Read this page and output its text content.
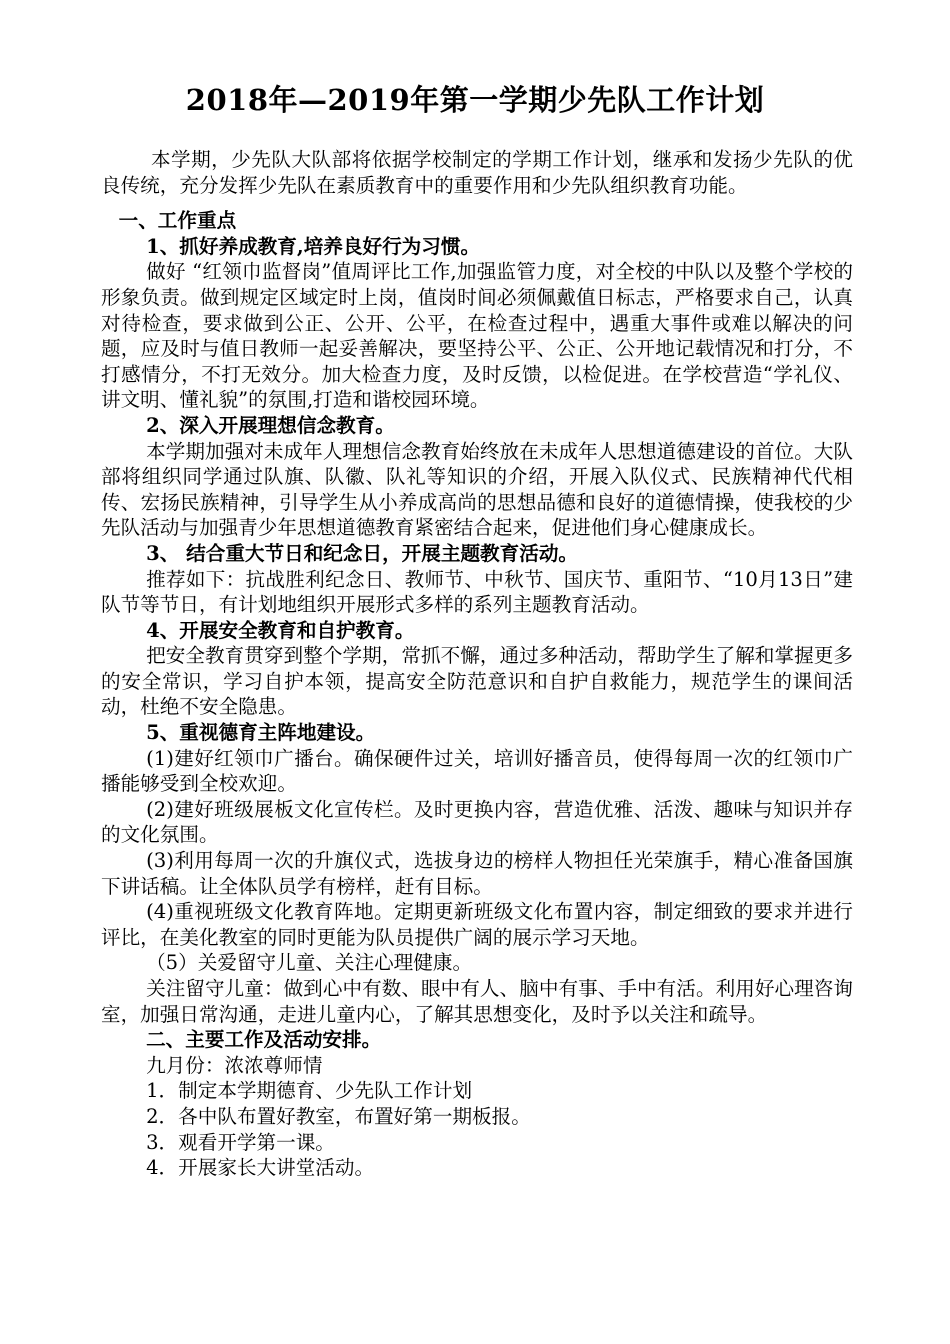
2018年—2019年第一学期少先队工作计划

本学期，少先队大队部将依据学校制定的学期工作计划，继承和发扬少先队的优良传统，充分发挥少先队在素质教育中的重要作用和少先队组织教育功能。

一、工作重点

1、抓好养成教育,培养良好行为习惯。

做好 “红领巾监督岗”值周评比工作,加强监管力度，对全校的中队以及整个学校的形象负责。做到规定区域定时上岗，值岗时间必须佩戴值日标志，严格要求自己，认真对待检查，要求做到公正、公开、公平，在检查过程中，遇重大事件或难以解决的问题，应及时与值日教师一起妥善解决，要坚持公平、公正、公开地记载情况和打分，不打感情分，不打无效分。加大检查力度，及时反馈，以检促进。在学校营造“学礼仪、讲文明、懂礼貌”的氛围,打造和谐校园环境。

2、深入开展理想信念教育。

本学期加强对未成年人理想信念教育始终放在未成年人思想道德建设的首位。大队部将组织同学通过队旗、队徽、队礼等知识的介绍，开展入队仪式、民族精神代代相传、宏扬民族精神，引导学生从小养成高尚的思想品德和良好的道德情操，使我校的少先队活动与加强青少年思想道德教育紧密结合起来，促进他们身心健康成长。

3、 结合重大节日和纪念日，开展主题教育活动。

推荐如下：抗战胜利纪念日、教师节、中秋节、国庆节、重阳节、“10月13日”建队节等节日，有计划地组织开展形式多样的系列主题教育活动。

4、开展安全教育和自护教育。

把安全教育贯穿到整个学期，常抓不懈，通过多种活动，帮助学生了解和掌握更多的安全常识，学习自护本领，提高安全防范意识和自护自救能力，规范学生的课间活动，杜绝不安全隐患。

5、重视德育主阵地建设。

(1)建好红领巾广播台。确保硬件过关，培训好播音员，使得每周一次的红领巾广播能够受到全校欢迎。

(2)建好班级展板文化宣传栏。及时更换内容，营造优雅、活泼、趣味与知识并存的文化氛围。

(3)利用每周一次的升旗仪式，选拔身边的榜样人物担任光荣旗手，精心准备国旗下讲话稿。让全体队员学有榜样，赶有目标。

(4)重视班级文化教育阵地。定期更新班级文化布置内容，制定细致的要求并进行评比，在美化教室的同时更能为队员提供广阔的展示学习天地。

（5）关爱留守儿童、关注心理健康。

关注留守儿童：做到心中有数、眼中有人、脑中有事、手中有活。利用好心理咨询室，加强日常沟通，走进儿童内心，了解其思想变化，及时予以关注和疏导。

二、主要工作及活动安排。

九月份：浓浓尊师情

1．制定本学期德育、少先队工作计划

2．各中队布置好教室，布置好第一期板报。

3．观看开学第一课。

4．开展家长大讲堂活动。
